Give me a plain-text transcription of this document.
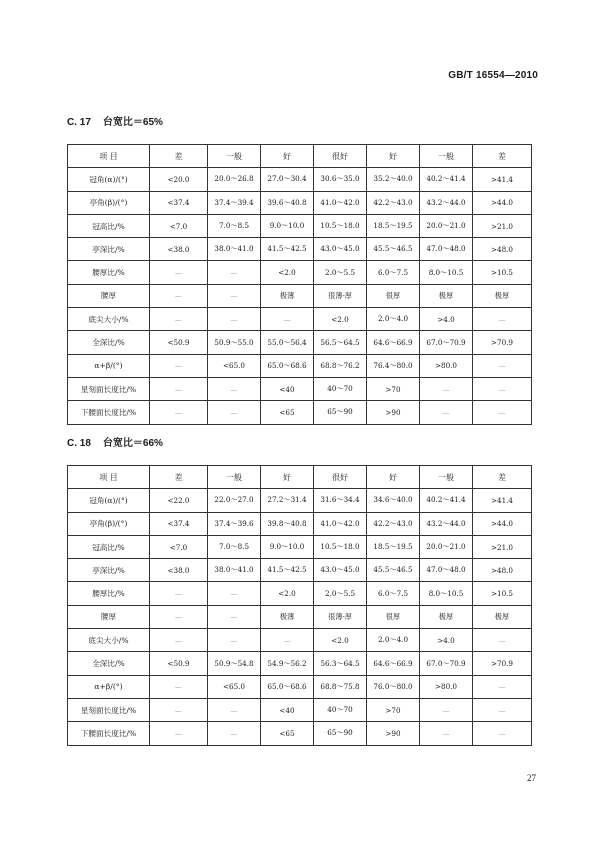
GB/T 16554—2010
C. 17 台宽比＝65%
项 目	差	一般	好	很好	好	一般	差
冠角(α)/(°)	<20.0	20.0～26.8	27.0～30.4	30.6～35.0	35.2～40.0	40.2～41.4	>41.4
亭角(β)/(°)	<37.4	37.4～39.4	39.6～40.8	41.0～42.0	42.2～43.0	43.2～44.0	>44.0
冠高比/%	<7.0	7.0～8.5	9.0～10.0	10.5～18.0	18.5～19.5	20.0～21.0	>21.0
亭深比/%	<38.0	38.0～41.0	41.5～42.5	43.0～45.0	45.5～46.5	47.0～48.0	>48.0
腰厚比/%	—	—	<2.0	2.0～5.5	6.0～7.5	8.0～10.5	>10.5
腰厚	—	—	极薄	很薄-厚	很厚	极厚	极厚
底尖大小/%	—	—	—	<2.0	2.0～4.0	>4.0	—
全深比/%	<50.9	50.9～55.0	55.0～56.4	56.5～64.5	64.6～66.9	67.0～70.9	>70.9
α+β/(°)	—	<65.0	65.0～68.6	68.8～76.2	76.4～80.0	>80.0	—
星刻面长度比/%	—	—	<40	40～70	>70	—	—
下腰面长度比/%	—	—	<65	65～90	>90	—	—
C. 18 台宽比＝66%
项 目	差	一般	好	很好	好	一般	差
冠角(α)/(°)	<22.0	22.0～27.0	27.2～31.4	31.6～34.4	34.6～40.0	40.2～41.4	>41.4
亭角(β)/(°)	<37.4	37.4～39.6	39.8～40.8	41.0～42.0	42.2～43.0	43.2～44.0	>44.0
冠高比/%	<7.0	7.0～8.5	9.0～10.0	10.5～18.0	18.5～19.5	20.0～21.0	>21.0
亭深比/%	<38.0	38.0～41.0	41.5～42.5	43.0～45.0	45.5～46.5	47.0～48.0	>48.0
腰厚比/%	—	—	<2.0	2.0～5.5	6.0～7.5	8.0～10.5	>10.5
腰厚	—	—	极薄	很薄-厚	很厚	极厚	极厚
底尖大小/%	—	—	—	<2.0	2.0～4.0	>4.0	—
全深比/%	<50.9	50.9～54.8	54.9～56.2	56.3～64.5	64.6～66.9	67.0～70.9	>70.9
α+β/(°)	—	<65.0	65.0～68.6	68.8～75.8	76.0～80.0	>80.0	—
星刻面长度比/%	—	—	<40	40～70	>70	—	—
下腰面长度比/%	—	—	<65	65～90	>90	—	—
27
